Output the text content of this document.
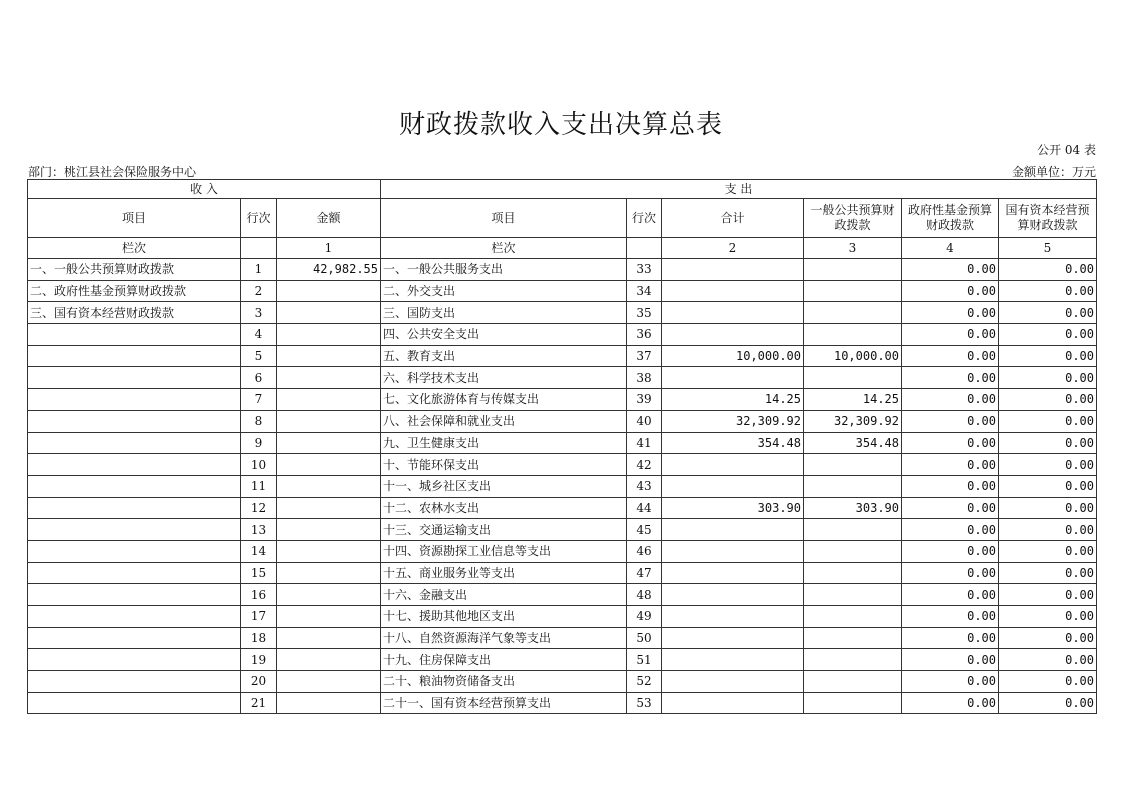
财政拨款收入支出决算总表
公开 04 表
部门：桃江县社会保险服务中心	金额单位：万元
收 入			支 出					
项目	行次	金额	项目	行次	合计	一般公共预算财政拨款	政府性基金预算财政拨款	国有资本经营预算财政拨款
栏次		1	栏次		2	3	4	5
一、一般公共预算财政拨款	1	42,982.55	一、一般公共服务支出	33			0.00	0.00
二、政府性基金预算财政拨款	2		二、外交支出	34			0.00	0.00
三、国有资本经营财政拨款	3		三、国防支出	35			0.00	0.00
	4		四、公共安全支出	36			0.00	0.00
	5		五、教育支出	37	10,000.00	10,000.00	0.00	0.00
	6		六、科学技术支出	38			0.00	0.00
	7		七、文化旅游体育与传媒支出	39	14.25	14.25	0.00	0.00
	8		八、社会保障和就业支出	40	32,309.92	32,309.92	0.00	0.00
	9		九、卫生健康支出	41	354.48	354.48	0.00	0.00
	10		十、节能环保支出	42			0.00	0.00
	11		十一、城乡社区支出	43			0.00	0.00
	12		十二、农林水支出	44	303.90	303.90	0.00	0.00
	13		十三、交通运输支出	45			0.00	0.00
	14		十四、资源勘探工业信息等支出	46			0.00	0.00
	15		十五、商业服务业等支出	47			0.00	0.00
	16		十六、金融支出	48			0.00	0.00
	17		十七、援助其他地区支出	49			0.00	0.00
	18		十八、自然资源海洋气象等支出	50			0.00	0.00
	19		十九、住房保障支出	51			0.00	0.00
	20		二十、粮油物资储备支出	52			0.00	0.00
	21		二十一、国有资本经营预算支出	53			0.00	0.00
